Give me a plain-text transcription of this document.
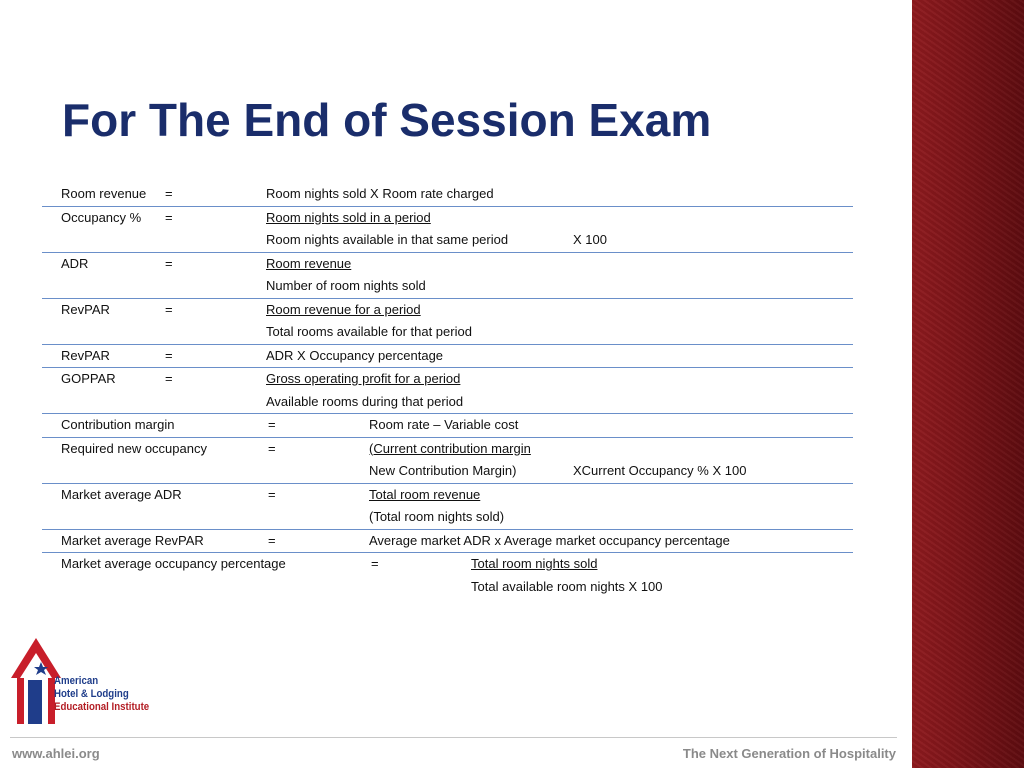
For The End of Session Exam
Room revenue =	Room nights sold X Room rate charged
Occupancy % =	Room nights sold in a period
Room nights available in that same period	X 100
ADR	=	Room revenue
Number of room nights sold
RevPAR	=	Room revenue for a period
Total rooms available for that period
RevPAR	=	ADR X Occupancy percentage
GOPPAR	=	Gross operating profit for a period
Available rooms during that period
Contribution margin	=	Room rate – Variable cost
Required new occupancy	=	(Current contribution margin
New Contribution Margin)	XCurrent Occupancy % X 100
Market average ADR	=	Total room revenue
(Total room nights sold)
Market average RevPAR	=	Average market ADR x Average market occupancy percentage
Market average occupancy percentage	=	Total room nights sold
Total available room nights X 100
American
Hotel & Lodging
Educational Institute
www.ahlei.org	The Next Generation of Hospitality
